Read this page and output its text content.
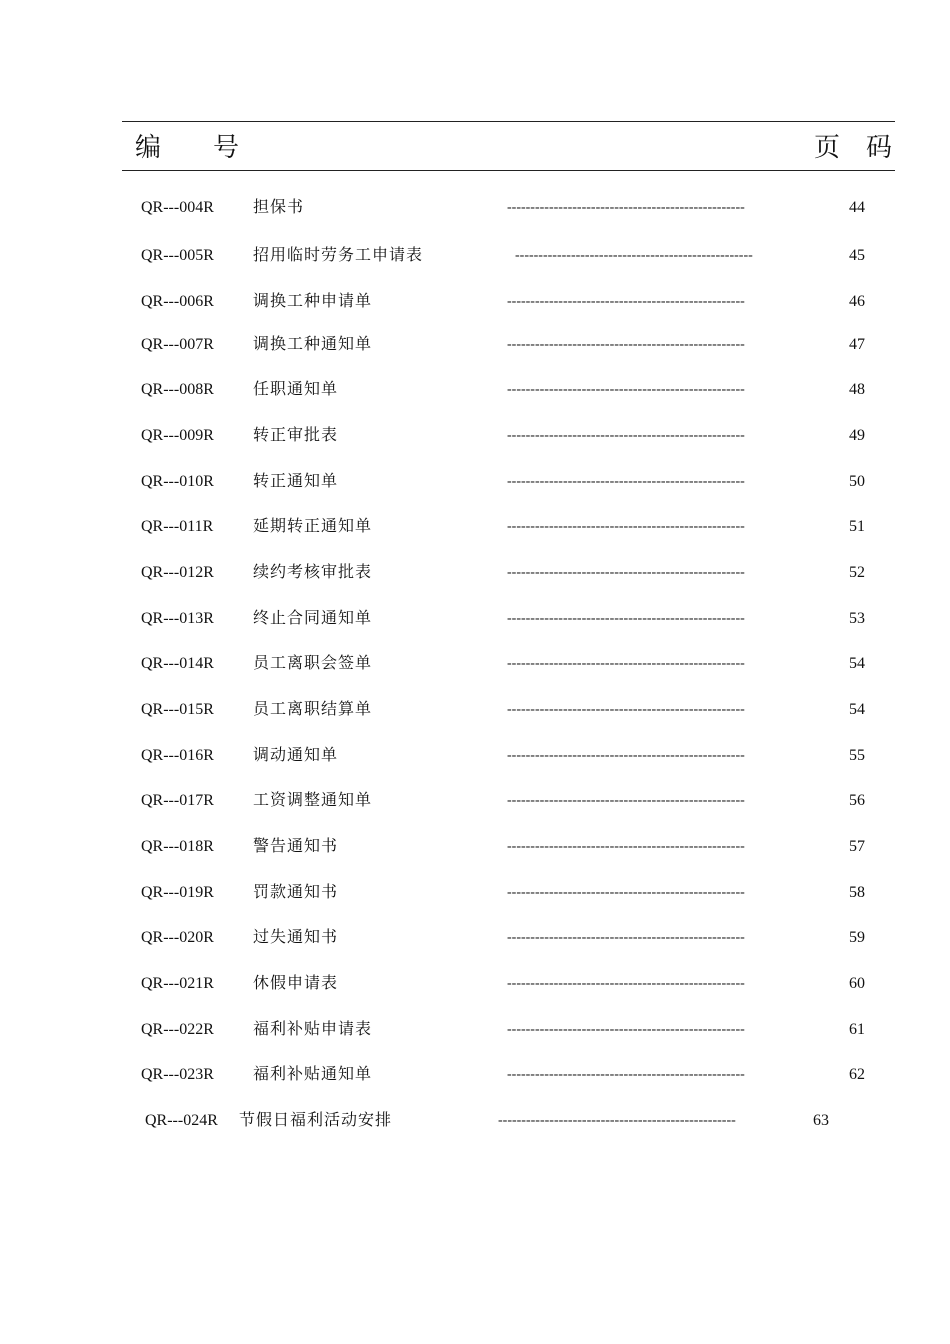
编　　号	页　码
QR---004R 担保书	---------------------------------------------------	44
QR---005R 招用临时劳务工申请表	---------------------------------------------------	45
QR---006R 调换工种申请单	---------------------------------------------------	46
QR---007R 调换工种通知单	---------------------------------------------------	47
QR---008R 任职通知单	---------------------------------------------------	48
QR---009R 转正审批表	---------------------------------------------------	49
QR---010R 转正通知单	---------------------------------------------------	50
QR---011R 延期转正通知单	---------------------------------------------------	51
QR---012R 续约考核审批表	---------------------------------------------------	52
QR---013R 终止合同通知单	---------------------------------------------------	53
QR---014R 员工离职会签单	---------------------------------------------------	54
QR---015R 员工离职结算单	---------------------------------------------------	54
QR---016R 调动通知单	---------------------------------------------------	55
QR---017R 工资调整通知单	---------------------------------------------------	56
QR---018R 警告通知书	---------------------------------------------------	57
QR---019R 罚款通知书	---------------------------------------------------	58
QR---020R 过失通知书	---------------------------------------------------	59
QR---021R 休假申请表	---------------------------------------------------	60
QR---022R 福利补贴申请表	---------------------------------------------------	61
QR---023R 福利补贴通知单	---------------------------------------------------	62
QR---024R 节假日福利活动安排	---------------------------------------------------	63
